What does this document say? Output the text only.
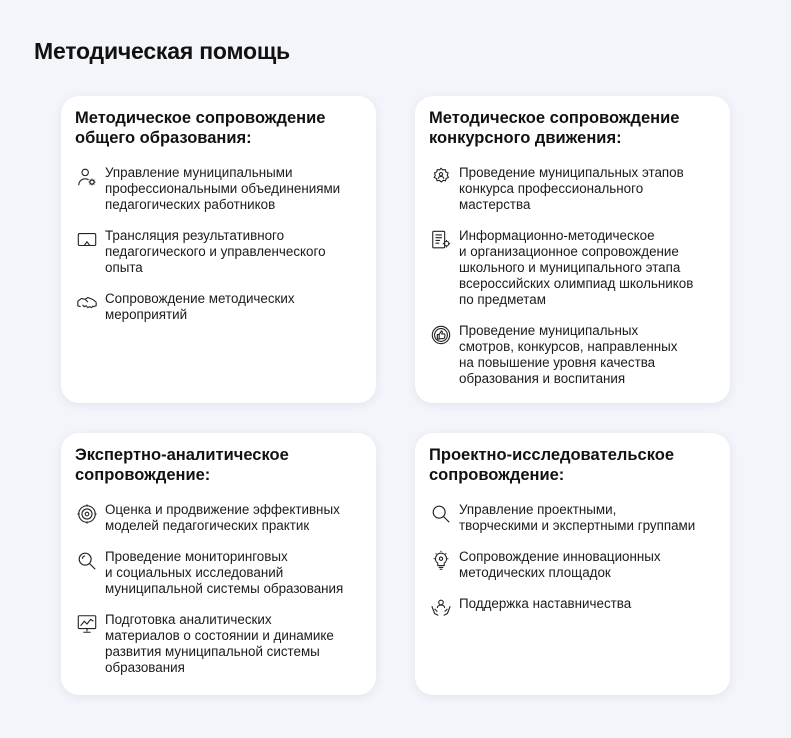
Методическая помощь
Методическое сопровождение
общего образования:
Управление муниципальными
профессиональными объединениями
педагогических работников
Трансляция результативного
педагогического и управленческого
опыта
Сопровождение методических
мероприятий
Методическое сопровождение
конкурсного движения:
Проведение муниципальных этапов
конкурса профессионального
мастерства
Информационно-методическое
и организационное сопровождение
школьного и муниципального этапа
всероссийских олимпиад школьников
по предметам
Проведение муниципальных
смотров, конкурсов, направленных
на повышение уровня качества
образования и воспитания
Экспертно-аналитическое
сопровождение:
Оценка и продвижение эффективных
моделей педагогических практик
Проведение мониторинговых
и социальных исследований
муниципальной системы образования
Подготовка аналитических
материалов о состоянии и динамике
развития муниципальной системы
образования
Проектно-исследовательское
сопровождение:
Управление проектными,
творческими и экспертными группами
Сопровождение инновационных
методических площадок
Поддержка наставничества
